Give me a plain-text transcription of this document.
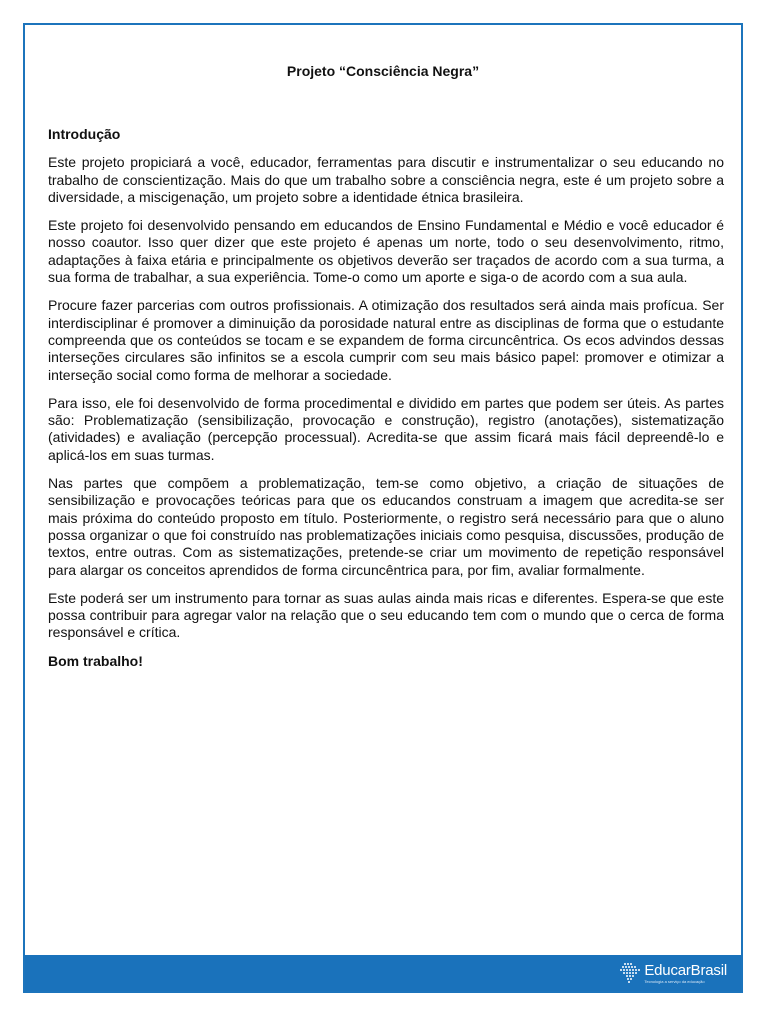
Projeto “Consciência Negra”
Introdução

Este projeto propiciará a você, educador, ferramentas para discutir e instrumentalizar o seu educando no trabalho de conscientização. Mais do que um trabalho sobre a consciência negra, este é um projeto sobre a diversidade, a miscigenação, um projeto sobre a identidade étnica brasileira.

Este projeto foi desenvolvido pensando em educandos de Ensino Fundamental e Médio e você educador é nosso coautor. Isso quer dizer que este projeto é apenas um norte, todo o seu desenvolvimento, ritmo, adaptações à faixa etária e principalmente os objetivos deverão ser traçados de acordo com a sua turma, a sua forma de trabalhar, a sua experiência. Tome-o como um aporte e siga-o de acordo com a sua aula.

Procure fazer parcerias com outros profissionais. A otimização dos resultados será ainda mais profícua. Ser interdisciplinar é promover a diminuição da porosidade natural entre as disciplinas de forma que o estudante compreenda que os conteúdos se tocam e se expandem de forma circuncêntrica. Os ecos advindos dessas interseções circulares são infinitos se a escola cumprir com seu mais básico papel: promover e otimizar a interseção social como forma de melhorar a sociedade.

Para isso, ele foi desenvolvido de forma procedimental e dividido em partes que podem ser úteis. As partes são: Problematização (sensibilização, provocação e construção), registro (anotações), sistematização (atividades) e avaliação (percepção processual). Acredita-se que assim ficará mais fácil depreendê-lo e aplicá-los em suas turmas.

Nas partes que compõem a problematização, tem-se como objetivo, a criação de situações de sensibilização e provocações teóricas para que os educandos construam a imagem que acredita-se ser mais próxima do conteúdo proposto em título. Posteriormente, o registro será necessário para que o aluno possa organizar o que foi construído nas problematizações iniciais como pesquisa, discussões, produção de textos, entre outras. Com as sistematizações, pretende-se criar um movimento de repetição responsável para alargar os conceitos aprendidos de forma circuncêntrica para, por fim, avaliar formalmente.

Este poderá ser um instrumento para tornar as suas aulas ainda mais ricas e diferentes. Espera-se que este possa contribuir para agregar valor na relação que o seu educando tem com o mundo que o cerca de forma responsável e crítica.

Bom trabalho!

EducarBrasil
Tecnologia a serviço da educação
